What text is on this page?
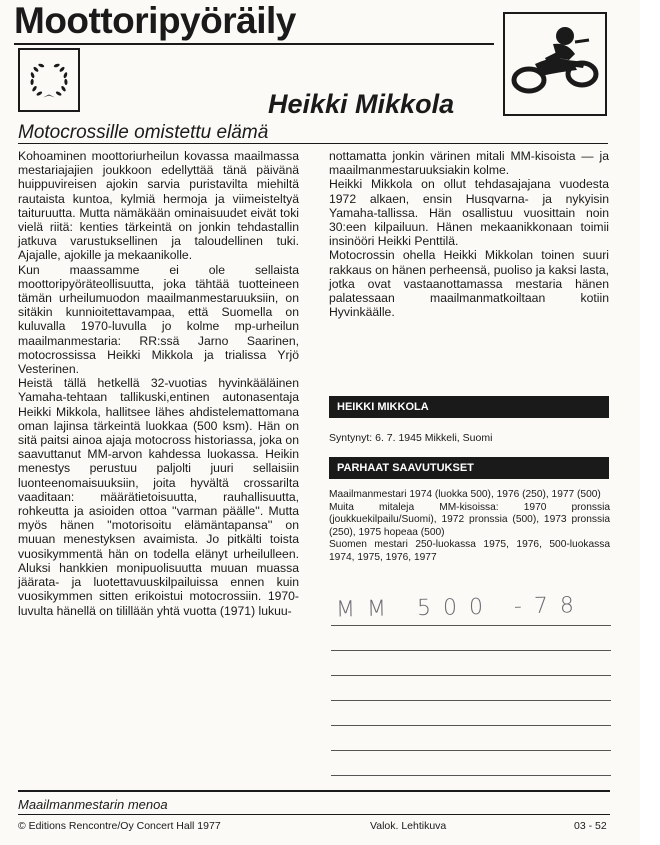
Moottoripyöräily
Heikki Mikkola
Motocrossille omistettu elämä

Kohoaminen moottoriurheilun kovassa maailmassa mestariajajien joukkoon edellyttää tänä päivänä huippuvireisen ajokin sarvia puristavilta miehiltä rautaista kuntoa, kylmiä hermoja ja viimeisteltyä taituruutta. Mutta nämäkään ominaisuudet eivät toki vielä riitä: kenties tärkeintä on jonkin tehdastallin jatkuva varustuksellinen ja taloudellinen tuki. Ajajalle, ajokille ja mekaanikolle.

Kun maassamme ei ole sellaista moottoripyöräteollisuutta, joka tähtää tuotteineen tämän urheilumuodon maailmanmestaruuksiin, on sitäkin kunnioitettavampaa, että Suomella on kuluvalla 1970-luvulla jo kolme mp-urheilun maailmanmestaria: RR:ssä Jarno Saarinen, motocrossissa Heikki Mikkola ja trialissa Yrjö Vesterinen.

Heistä tällä hetkellä 32-vuotias hyvinkääläinen Yamaha-tehtaan tallikuski,entinen autonasentaja Heikki Mikkola, hallitsee lähes ahdistelemattomana oman lajinsa tärkeintä luokkaa (500 ksm). Hän on sitä paitsi ainoa ajaja motocross historiassa, joka on saavuttanut MM-arvon kahdessa luokassa. Heikin menestys perustuu paljolti juuri sellaisiin luonteenomaisuuksiin, joita hyvältä crossarilta vaaditaan: määrätietoisuutta, rauhallisuutta, rohkeutta ja asioiden ottoa ''varman päälle''. Mutta myös hänen ''motorisoitu elämäntapansa'' on muuan menestyksen avaimista. Jo pitkälti toista vuosikymmentä hän on todella elänyt urheilulleen. Aluksi hankkien monipuolisuutta muuan muassa jäärata- ja luotettavuuskilpailuissa ennen kuin vuosikymmen sitten erikoistui motocrossiin. 1970-luvulta hänellä on tilillään yhtä vuotta (1971) lukuu-

nottamatta jonkin värinen mitali MM-kisoista — ja maailmanmestaruuksiakin kolme.

Heikki Mikkola on ollut tehdasajajana vuodesta 1972 alkaen, ensin Husqvarna- ja nykyisin Yamaha-tallissa. Hän osallistuu vuosittain noin 30:een kilpailuun. Hänen mekaanikkonaan toimii insinööri Heikki Penttilä.

Motocrossin ohella Heikki Mikkolan toinen suuri rakkaus on hänen perheensä, puoliso ja kaksi lasta, jotka ovat vastaanottamassa mestaria hänen palatessaan maailmanmatkoiltaan kotiin Hyvinkäälle.

HEIKKI MIKKOLA
Syntynyt: 6. 7. 1945 Mikkeli, Suomi
PARHAAT SAAVUTUKSET

Maailmanmestari 1974 (luokka 500), 1976 (250), 1977 (500)

Muita mitaleja MM-kisoissa: 1970 pronssia (joukkuekilpailu/Suomi), 1972 pronssia (500), 1973 pronssia (250), 1975 hopeaa (500)

Suomen mestari 250-luokassa 1975, 1976, 500-luokassa 1974, 1975, 1976, 1977

MM 500 -78
Maailmanmestarin menoa
© Editions Rencontre/Oy Concert Hall 1977	Valok. Lehtikuva	03 - 52
